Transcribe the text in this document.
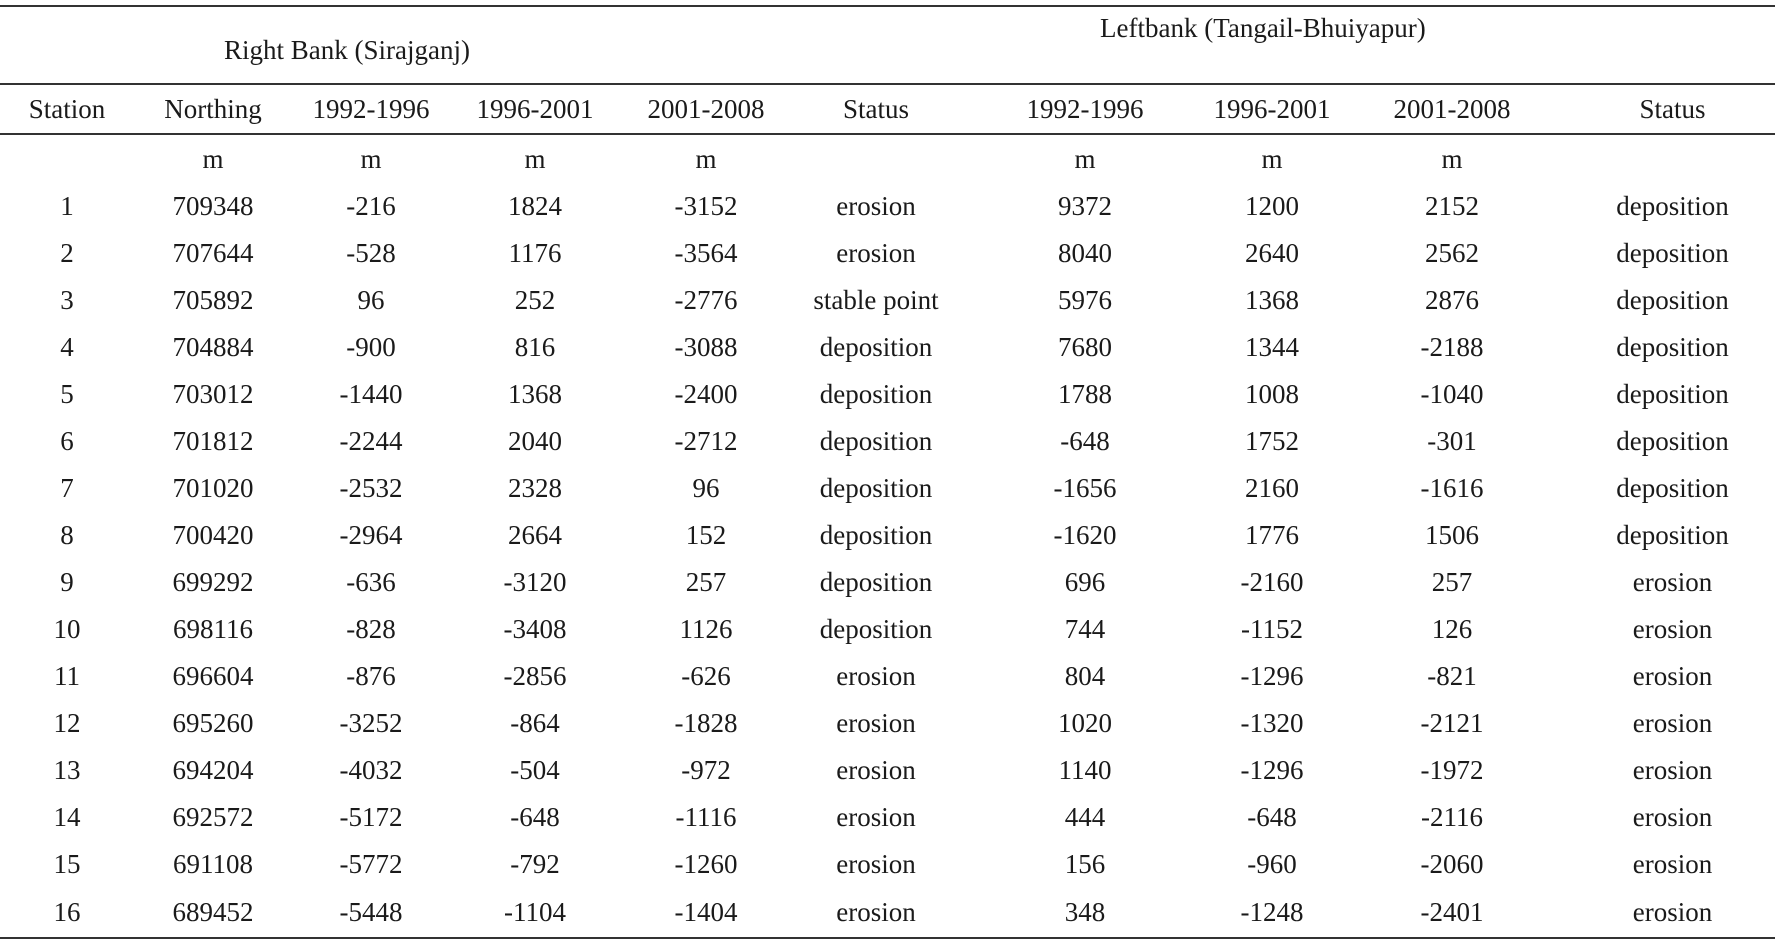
	Right Bank (Sirajganj)					Leftbank (Tangail-Bhuiyapur)			
Station	Northing	1992-1996	1996-2001	2001-2008	Status	1992-1996	1996-2001	2001-2008	Status
	m	m	m	m		m	m	m	
1	709348	-216	1824	-3152	erosion	9372	1200	2152	deposition
2	707644	-528	1176	-3564	erosion	8040	2640	2562	deposition
3	705892	96	252	-2776	stable point	5976	1368	2876	deposition
4	704884	-900	816	-3088	deposition	7680	1344	-2188	deposition
5	703012	-1440	1368	-2400	deposition	1788	1008	-1040	deposition
6	701812	-2244	2040	-2712	deposition	-648	1752	-301	deposition
7	701020	-2532	2328	96	deposition	-1656	2160	-1616	deposition
8	700420	-2964	2664	152	deposition	-1620	1776	1506	deposition
9	699292	-636	-3120	257	deposition	696	-2160	257	erosion
10	698116	-828	-3408	1126	deposition	744	-1152	126	erosion
11	696604	-876	-2856	-626	erosion	804	-1296	-821	erosion
12	695260	-3252	-864	-1828	erosion	1020	-1320	-2121	erosion
13	694204	-4032	-504	-972	erosion	1140	-1296	-1972	erosion
14	692572	-5172	-648	-1116	erosion	444	-648	-2116	erosion
15	691108	-5772	-792	-1260	erosion	156	-960	-2060	erosion
16	689452	-5448	-1104	-1404	erosion	348	-1248	-2401	erosion
